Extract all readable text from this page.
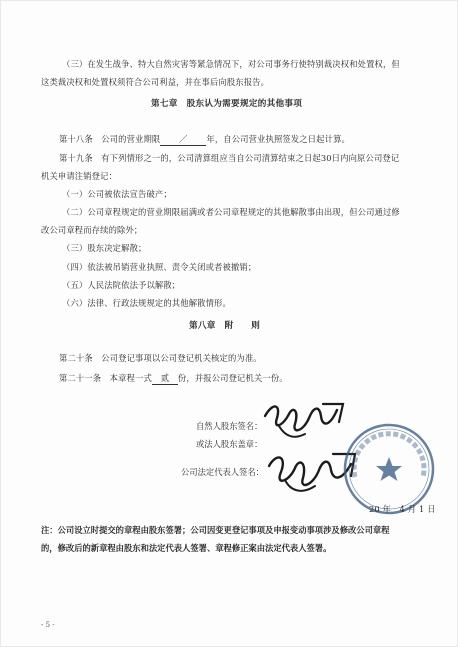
（三）在发生战争、特大自然灾害等紧急情况下，对公司事务行使特别裁决权和处置权，但
这类裁决权和处置权须符合公司利益，并在事后向股东报告。
第七章　股东认为需要规定的其他事项
第十八条　公司的营业期限 ／ 年，自公司营业执照签发之日起计算。
第十九条　有下列情形之一的，公司清算组应当自公司清算结束之日起30日内向原公司登记
机关申请注销登记：
（一）公司被依法宣告破产；
（二）公司章程规定的营业期限届满或者公司章程规定的其他解散事由出现，但公司通过修
改公司章程而存续的除外；
（三）股东决定解散；
（四）依法被吊销营业执照、责令关闭或者被撤销；
（五）人民法院依法予以解散；
（六）法律、行政法规规定的其他解散情形。
第八章　附　　则
第二十条　公司登记事项以公司登记机关核定的为准。
第二十一条　本章程一式 贰 份，并报公司登记机关一份。
自然人股东签名：
或法人股东盖章：
公司法定代表人签名：
20 年　4 月 1 日
注：公司设立时提交的章程由股东签署；公司因变更登记事项及申报变动事项涉及修改公司章程
的，修改后的新章程由股东和法定代表人签署、章程修正案由法定代表人签署。
- 5 -
